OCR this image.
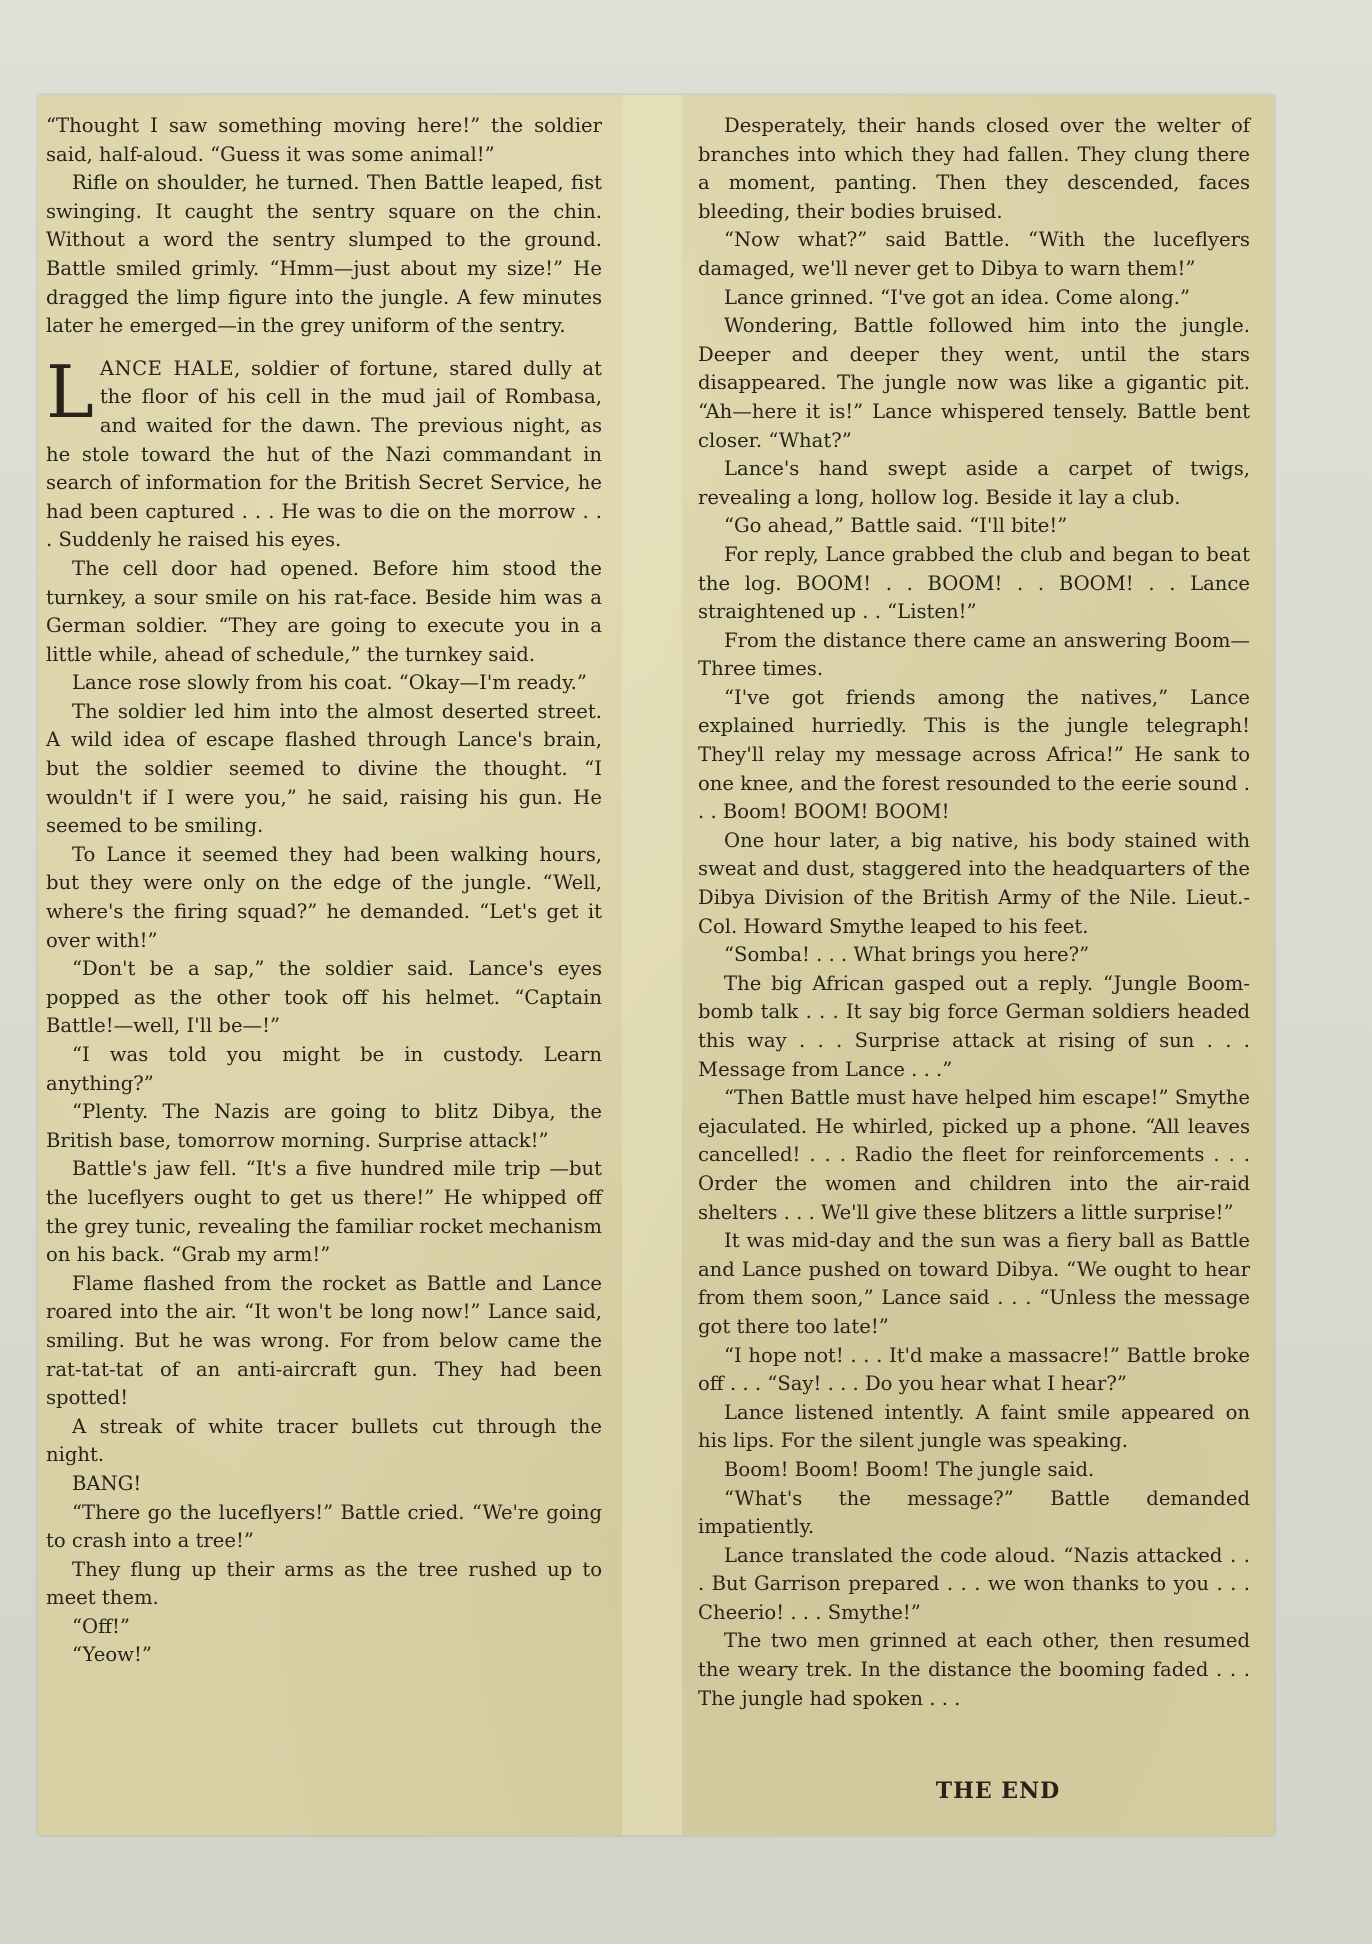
“Thought I saw something moving here!” the soldier said, half-aloud. “Guess it was some animal!”

Rifle on shoulder, he turned. Then Battle leaped, fist swinging. It caught the sentry square on the chin. Without a word the sentry slumped to the ground. Battle smiled grimly. “Hmm—just about my size!” He dragged the limp figure into the jungle. A few minutes later he emerged—in the grey uniform of the sentry.

LANCE HALE, soldier of fortune, stared dully at the floor of his cell in the mud jail of Rombasa, and waited for the dawn. The previous night, as he stole toward the hut of the Nazi commandant in search of information for the British Secret Service, he had been captured . . . He was to die on the morrow . . . Suddenly he raised his eyes.

The cell door had opened. Before him stood the turnkey, a sour smile on his rat-face. Beside him was a German soldier. “They are going to execute you in a little while, ahead of schedule,” the turnkey said.

Lance rose slowly from his coat. “Okay—I'm ready.”

The soldier led him into the almost deserted street. A wild idea of escape flashed through Lance's brain, but the soldier seemed to divine the thought. “I wouldn't if I were you,” he said, raising his gun. He seemed to be smiling.

To Lance it seemed they had been walking hours, but they were only on the edge of the jungle. “Well, where's the firing squad?” he demanded. “Let's get it over with!”

“Don't be a sap,” the soldier said. Lance's eyes popped as the other took off his helmet. “Captain Battle!—well, I'll be—!”

“I was told you might be in custody. Learn anything?”

“Plenty. The Nazis are going to blitz Dibya, the British base, tomorrow morning. Surprise attack!”

Battle's jaw fell. “It's a five hundred mile trip —but the luceflyers ought to get us there!” He whipped off the grey tunic, revealing the familiar rocket mechanism on his back. “Grab my arm!”

Flame flashed from the rocket as Battle and Lance roared into the air. “It won't be long now!” Lance said, smiling. But he was wrong. For from below came the rat-tat-tat of an anti-aircraft gun. They had been spotted!

A streak of white tracer bullets cut through the night.

BANG!

“There go the luceflyers!” Battle cried. “We're going to crash into a tree!”

They flung up their arms as the tree rushed up to meet them.

“Off!”

“Yeow!”

Desperately, their hands closed over the welter of branches into which they had fallen. They clung there a moment, panting. Then they descended, faces bleeding, their bodies bruised.

“Now what?” said Battle. “With the luceflyers damaged, we'll never get to Dibya to warn them!”

Lance grinned. “I've got an idea. Come along.”

Wondering, Battle followed him into the jungle. Deeper and deeper they went, until the stars disappeared. The jungle now was like a gigantic pit. “Ah—here it is!” Lance whispered tensely. Battle bent closer. “What?”

Lance's hand swept aside a carpet of twigs, revealing a long, hollow log. Beside it lay a club.

“Go ahead,” Battle said. “I'll bite!”

For reply, Lance grabbed the club and began to beat the log. BOOM! . . BOOM! . . BOOM! . . Lance straightened up . . “Listen!”

From the distance there came an answering Boom—Three times.

“I've got friends among the natives,” Lance explained hurriedly. This is the jungle telegraph! They'll relay my message across Africa!” He sank to one knee, and the forest resounded to the eerie sound . . . Boom! BOOM! BOOM!

One hour later, a big native, his body stained with sweat and dust, staggered into the headquarters of the Dibya Division of the British Army of the Nile. Lieut.-Col. Howard Smythe leaped to his feet.

“Somba! . . . What brings you here?”

The big African gasped out a reply. “Jungle Boom-bomb talk . . . It say big force German soldiers headed this way . . . Surprise attack at rising of sun . . . Message from Lance . . .”

“Then Battle must have helped him escape!” Smythe ejaculated. He whirled, picked up a phone. “All leaves cancelled! . . . Radio the fleet for reinforcements . . . Order the women and children into the air-raid shelters . . . We'll give these blitzers a little surprise!”

It was mid-day and the sun was a fiery ball as Battle and Lance pushed on toward Dibya. “We ought to hear from them soon,” Lance said . . . “Unless the message got there too late!”

“I hope not! . . . It'd make a massacre!” Battle broke off . . . “Say! . . . Do you hear what I hear?”

Lance listened intently. A faint smile appeared on his lips. For the silent jungle was speaking.

Boom! Boom! Boom! The jungle said.

“What's the message?” Battle demanded impatiently.

Lance translated the code aloud. “Nazis attacked . . . But Garrison prepared . . . we won thanks to you . . . Cheerio! . . . Smythe!”

The two men grinned at each other, then resumed the weary trek. In the distance the booming faded . . . The jungle had spoken . . .

THE END
